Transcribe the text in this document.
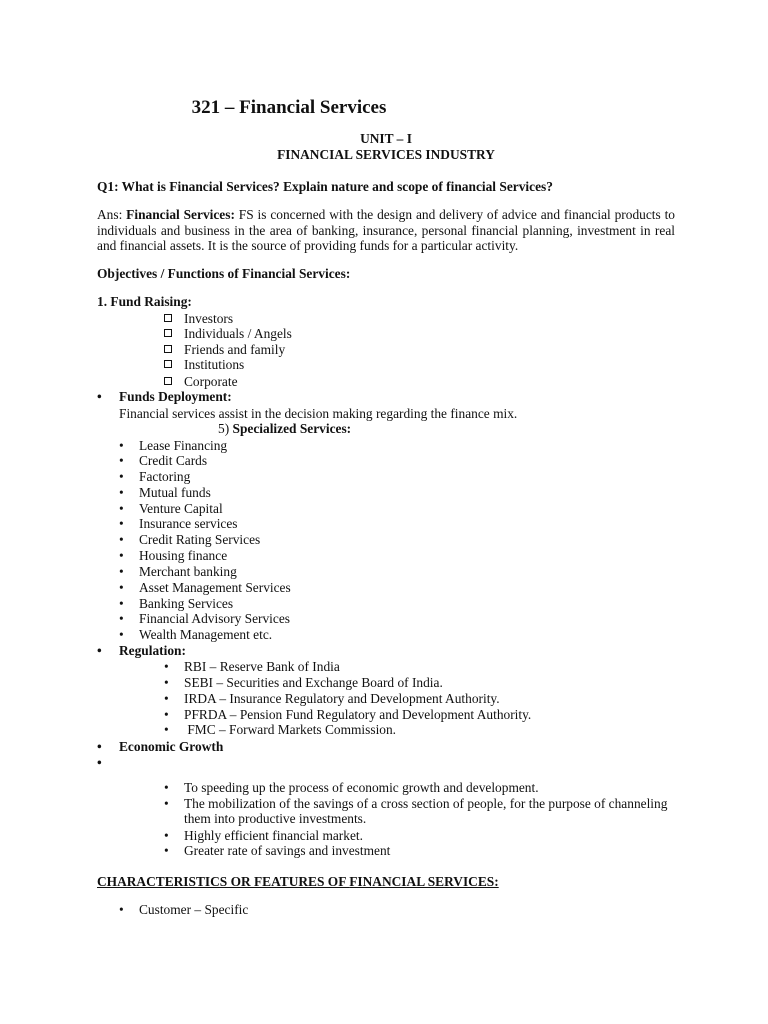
321 – Financial Services
UNIT – I
FINANCIAL SERVICES INDUSTRY
Q1: What is Financial Services? Explain nature and scope of financial Services?
Ans: Financial Services: FS is concerned with the design and delivery of advice and financial products to individuals and business in the area of banking, insurance, personal financial planning, investment in real and financial assets. It is the source of providing funds for a particular activity.
Objectives / Functions of Financial Services:
1. Fund Raising:
Investors
Individuals / Angels
Friends and family
Institutions
Corporate
• Funds Deployment:
Financial services assist in the decision making regarding the finance mix.
5) Specialized Services:
• Lease Financing
• Credit Cards
• Factoring
• Mutual funds
• Venture Capital
• Insurance services
• Credit Rating Services
• Housing finance
• Merchant banking
• Asset Management Services
• Banking Services
• Financial Advisory Services
• Wealth Management etc.
• Regulation:
• RBI – Reserve Bank of India
• SEBI – Securities and Exchange Board of India.
• IRDA – Insurance Regulatory and Development Authority.
• PFRDA – Pension Fund Regulatory and Development Authority.
• FMC – Forward Markets Commission.
• Economic Growth
•
• To speeding up the process of economic growth and development.
• The mobilization of the savings of a cross section of people, for the purpose of channeling
them into productive investments.
• Highly efficient financial market.
• Greater rate of savings and investment
CHARACTERISTICS OR FEATURES OF FINANCIAL SERVICES:
• Customer – Specific
